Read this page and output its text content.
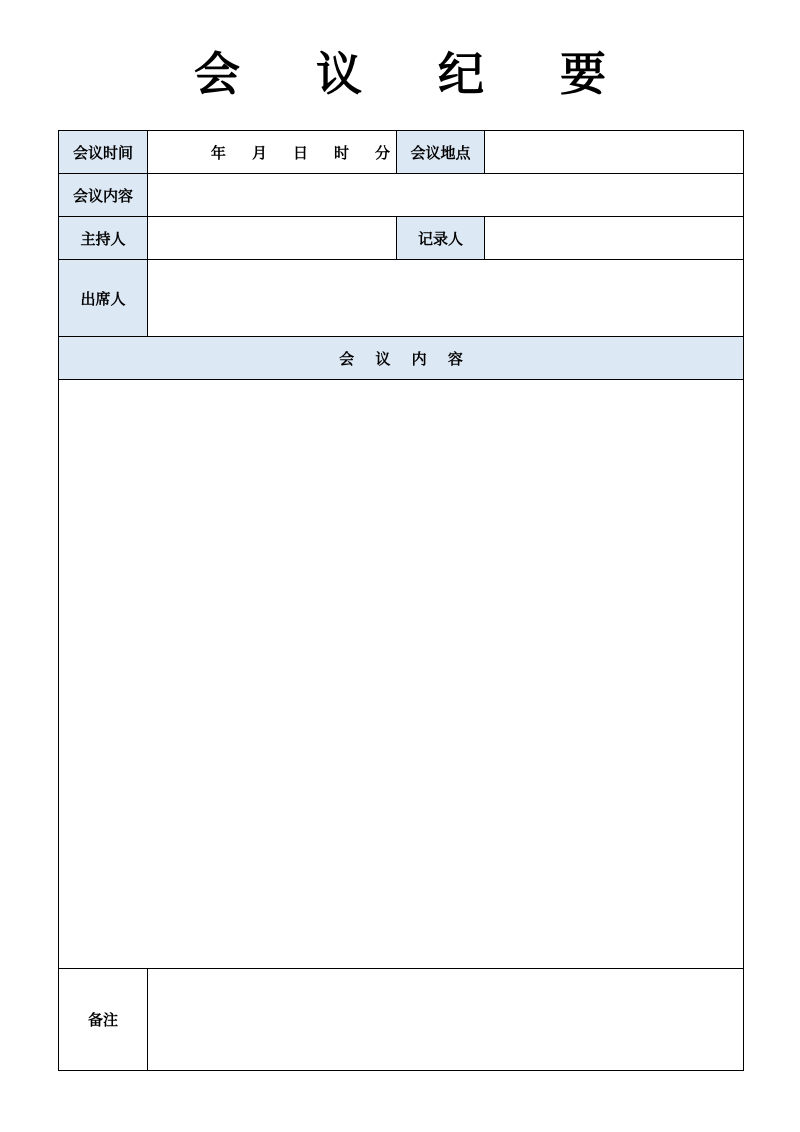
会 议 纪 要
会议时间	年 月 日 时 分	会议地点	
会议内容			
主持人		记录人	
出席人			
会 议 内 容			

备注			
